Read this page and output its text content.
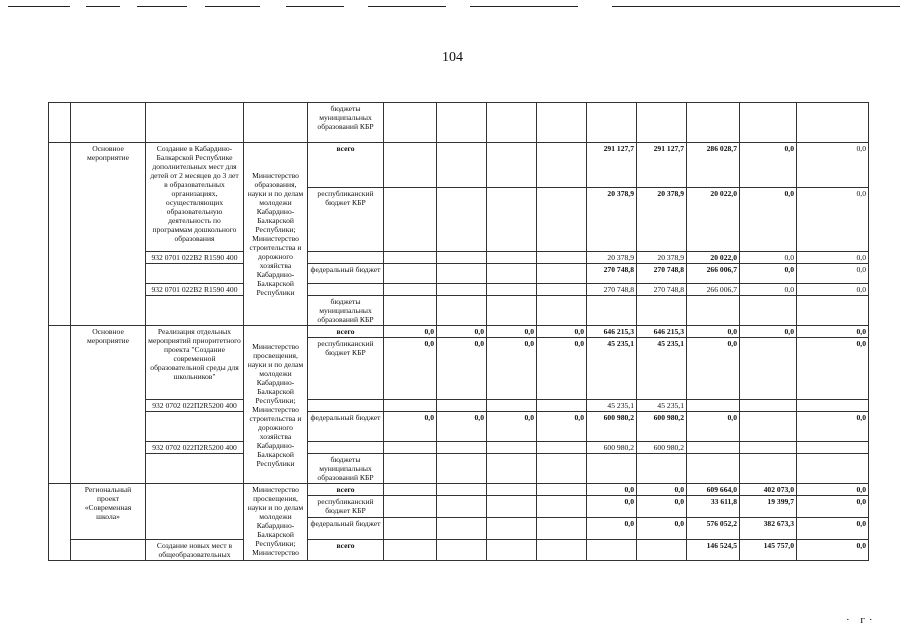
104
				бюджеты муниципальных образований КБР									
	Основное мероприятие	Создание в Кабардино-Балкарской Республике дополнительных мест для детей от 2 месяцев до 3 лет в образовательных организациях, осуществляющих образовательную деятельность по программам дошкольного образования	Министерство образования, науки и по делам молодежи Кабардино-Балкарской Республики; Министерство строительства и дорожного хозяйства Кабардино-Балкарской Республики	всего					291 127,7	291 127,7	286 028,7	0,0	0,0
				республиканский бюджет КБР					20 378,9	20 378,9	20 022,0	0,0	0,0
		932 0701 022В2 R1590 400							20 378,9	20 378,9	20 022,0	0,0	0,0
				федеральный бюджет					270 748,8	270 748,8	266 006,7	0,0	0,0
		932 0701 022В2 R1590 400							270 748,8	270 748,8	266 006,7	0,0	0,0
				бюджеты муниципальных образований КБР									
	Основное мероприятие	Реализация отдельных мероприятий приоритетного проекта "Создание современной образовательной среды для школьников"	Министерство просвещения, науки и по делам молодежи Кабардино-Балкарской Республики; Министерство строительства и дорожного хозяйства Кабардино-Балкарской Республики	всего	0,0	0,0	0,0	0,0	646 215,3	646 215,3	0,0	0,0	0,0
				республиканский бюджет КБР	0,0	0,0	0,0	0,0	45 235,1	45 235,1	0,0		0,0
		932 0702 022П2R5200 400							45 235,1	45 235,1			
				федеральный бюджет	0,0	0,0	0,0	0,0	600 980,2	600 980,2	0,0		0,0
		932 0702 022П2R5200 400							600 980,2	600 980,2			
				бюджеты муниципальных образований КБР									
	Региональный проект «Современная школа»		Министерство просвещения, науки и по делам молодежи Кабардино-Балкарской Республики; Министерство	всего					0,0	0,0	609 664,0	402 073,0	0,0
				республиканский бюджет КБР					0,0	0,0	33 611,8	19 399,7	0,0
				федеральный бюджет					0,0	0,0	576 052,2	382 673,3	0,0
		Создание новых мест в общеобразовательных		всего							146 524,5	145 757,0	0,0
· г·
